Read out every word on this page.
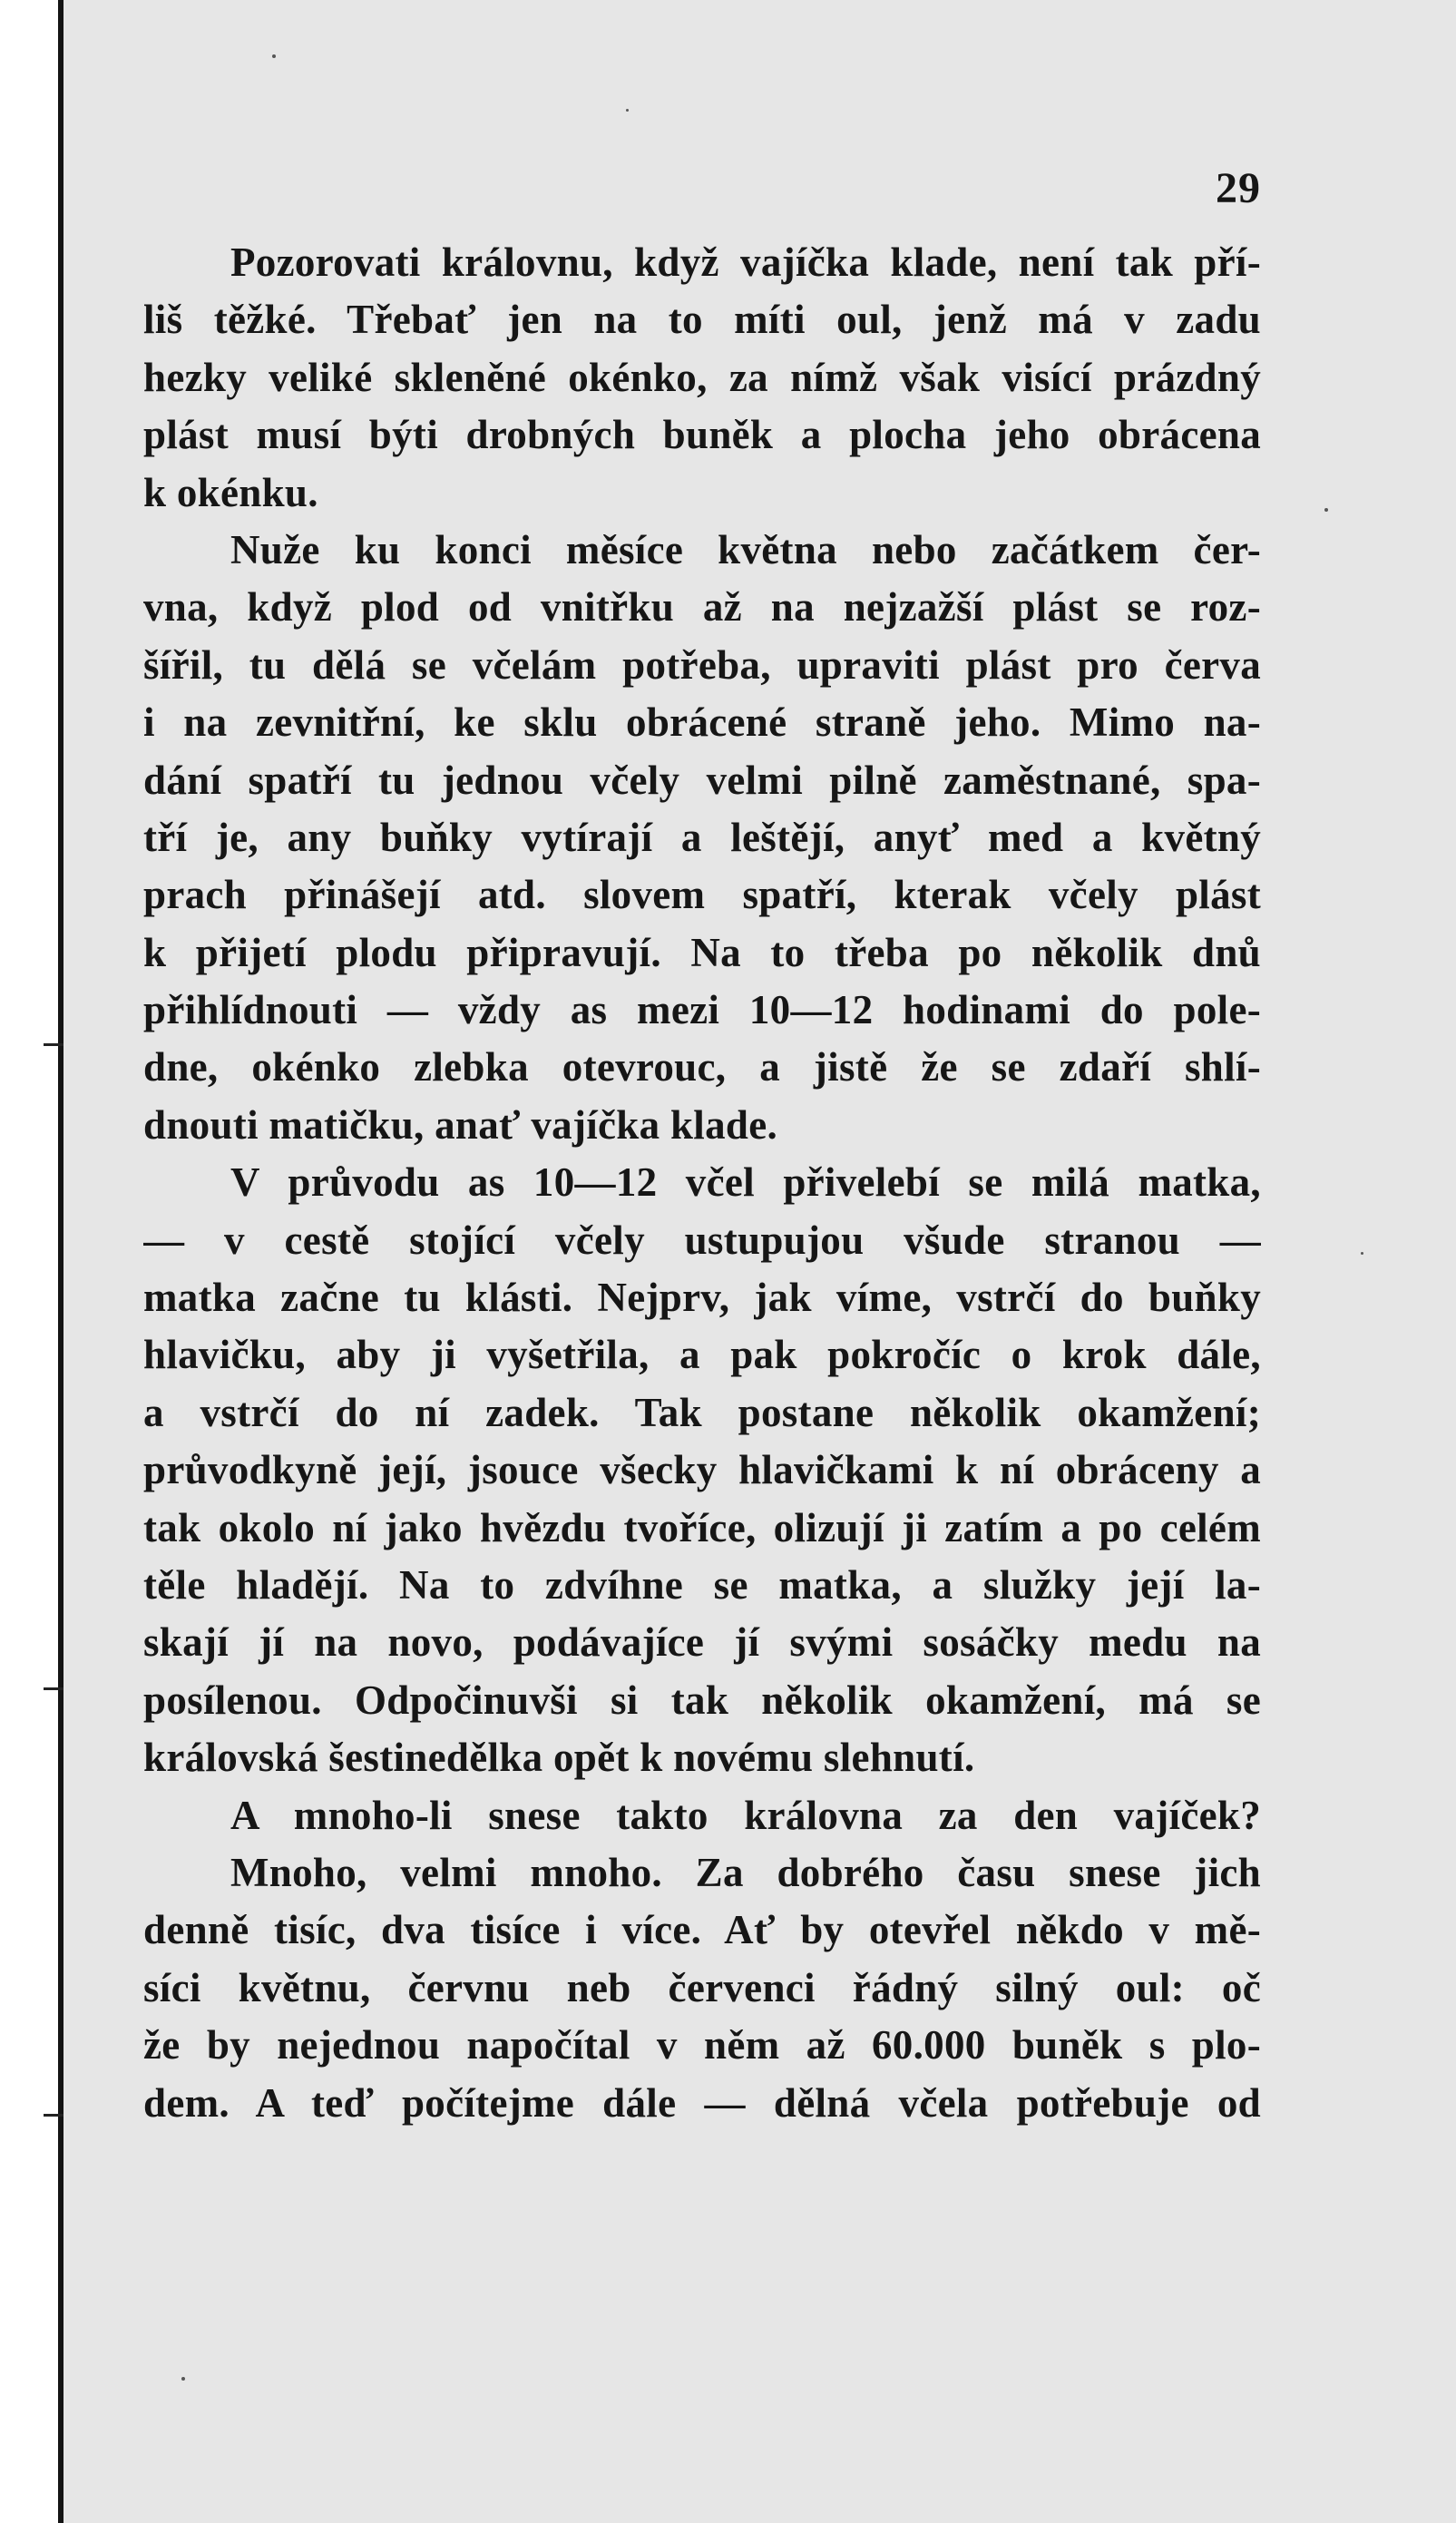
29
Pozorovati královnu, když vajíčka klade, není tak pří-
liš těžké. Třebať jen na to míti oul, jenž má v zadu
hezky veliké skleněné okénko, za nímž však visící prázdný
plást musí býti drobných buněk a plocha jeho obrácena
k okénku.
Nuže ku konci měsíce května nebo začátkem čer-
vna, když plod od vnitřku až na nejzažší plást se roz-
šířil, tu dělá se včelám potřeba, upraviti plást pro červa
i na zevnitřní, ke sklu obrácené straně jeho. Mimo na-
dání spatří tu jednou včely velmi pilně zaměstnané, spa-
tří je, any buňky vytírají a leštějí, anyť med a květný
prach přinášejí atd. slovem spatří, kterak včely plást
k přijetí plodu připravují. Na to třeba po několik dnů
přihlídnouti — vždy as mezi 10—12 hodinami do pole-
dne, okénko zlebka otevrouc, a jistě že se zdaří shlí-
dnouti matičku, anať vajíčka klade.
V průvodu as 10—12 včel přivelebí se milá matka,
— v cestě stojící včely ustupujou všude stranou —
matka začne tu klásti. Nejprv, jak víme, vstrčí do buňky
hlavičku, aby ji vyšetřila, a pak pokročíc o krok dále,
a vstrčí do ní zadek. Tak postane několik okamžení;
průvodkyně její, jsouce všecky hlavičkami k ní obráceny a
tak okolo ní jako hvězdu tvoříce, olizují ji zatím a po celém
těle hladějí. Na to zdvíhne se matka, a služky její la-
skají jí na novo, podávajíce jí svými sosáčky medu na
posílenou. Odpočinuvši si tak několik okamžení, má se
královská šestinedělka opět k novému slehnutí.
A mnoho-li snese takto královna za den vajíček?
Mnoho, velmi mnoho. Za dobrého času snese jich
denně tisíc, dva tisíce i více. Ať by otevřel někdo v mě-
síci květnu, červnu neb červenci řádný silný oul: oč
že by nejednou napočítal v něm až 60.000 buněk s plo-
dem. A teď počítejme dále — dělná včela potřebuje od
